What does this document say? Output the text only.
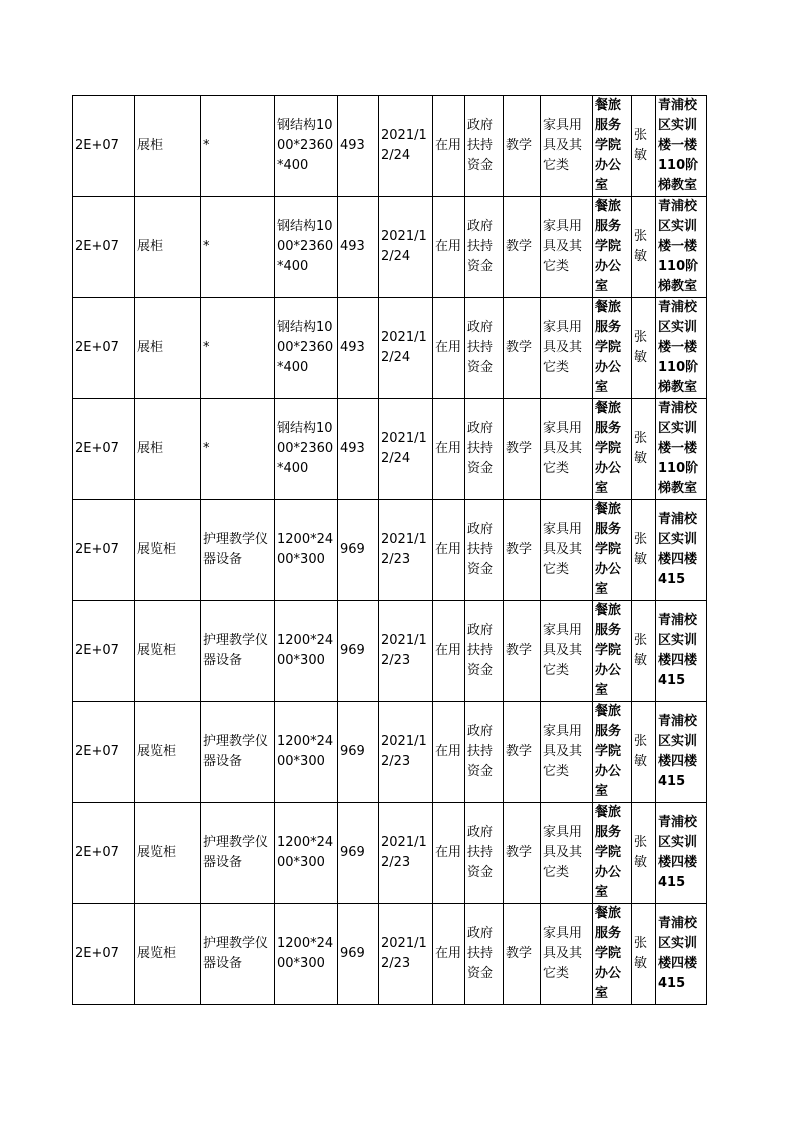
2E+07	展柜	*	钢结构1000*2360*400	493	2021/12/24	在用	政府扶持资金	教学	家具用具及其它类	餐旅服务学院办公室	张敏	青浦校区实训楼一楼110阶梯教室
2E+07	展柜	*	钢结构1000*2360*400	493	2021/12/24	在用	政府扶持资金	教学	家具用具及其它类	餐旅服务学院办公室	张敏	青浦校区实训楼一楼110阶梯教室
2E+07	展柜	*	钢结构1000*2360*400	493	2021/12/24	在用	政府扶持资金	教学	家具用具及其它类	餐旅服务学院办公室	张敏	青浦校区实训楼一楼110阶梯教室
2E+07	展柜	*	钢结构1000*2360*400	493	2021/12/24	在用	政府扶持资金	教学	家具用具及其它类	餐旅服务学院办公室	张敏	青浦校区实训楼一楼110阶梯教室
2E+07	展览柜	护理教学仪器设备	1200*2400*300	969	2021/12/23	在用	政府扶持资金	教学	家具用具及其它类	餐旅服务学院办公室	张敏	青浦校区实训楼四楼415
2E+07	展览柜	护理教学仪器设备	1200*2400*300	969	2021/12/23	在用	政府扶持资金	教学	家具用具及其它类	餐旅服务学院办公室	张敏	青浦校区实训楼四楼415
2E+07	展览柜	护理教学仪器设备	1200*2400*300	969	2021/12/23	在用	政府扶持资金	教学	家具用具及其它类	餐旅服务学院办公室	张敏	青浦校区实训楼四楼415
2E+07	展览柜	护理教学仪器设备	1200*2400*300	969	2021/12/23	在用	政府扶持资金	教学	家具用具及其它类	餐旅服务学院办公室	张敏	青浦校区实训楼四楼415
2E+07	展览柜	护理教学仪器设备	1200*2400*300	969	2021/12/23	在用	政府扶持资金	教学	家具用具及其它类	餐旅服务学院办公室	张敏	青浦校区实训楼四楼415
